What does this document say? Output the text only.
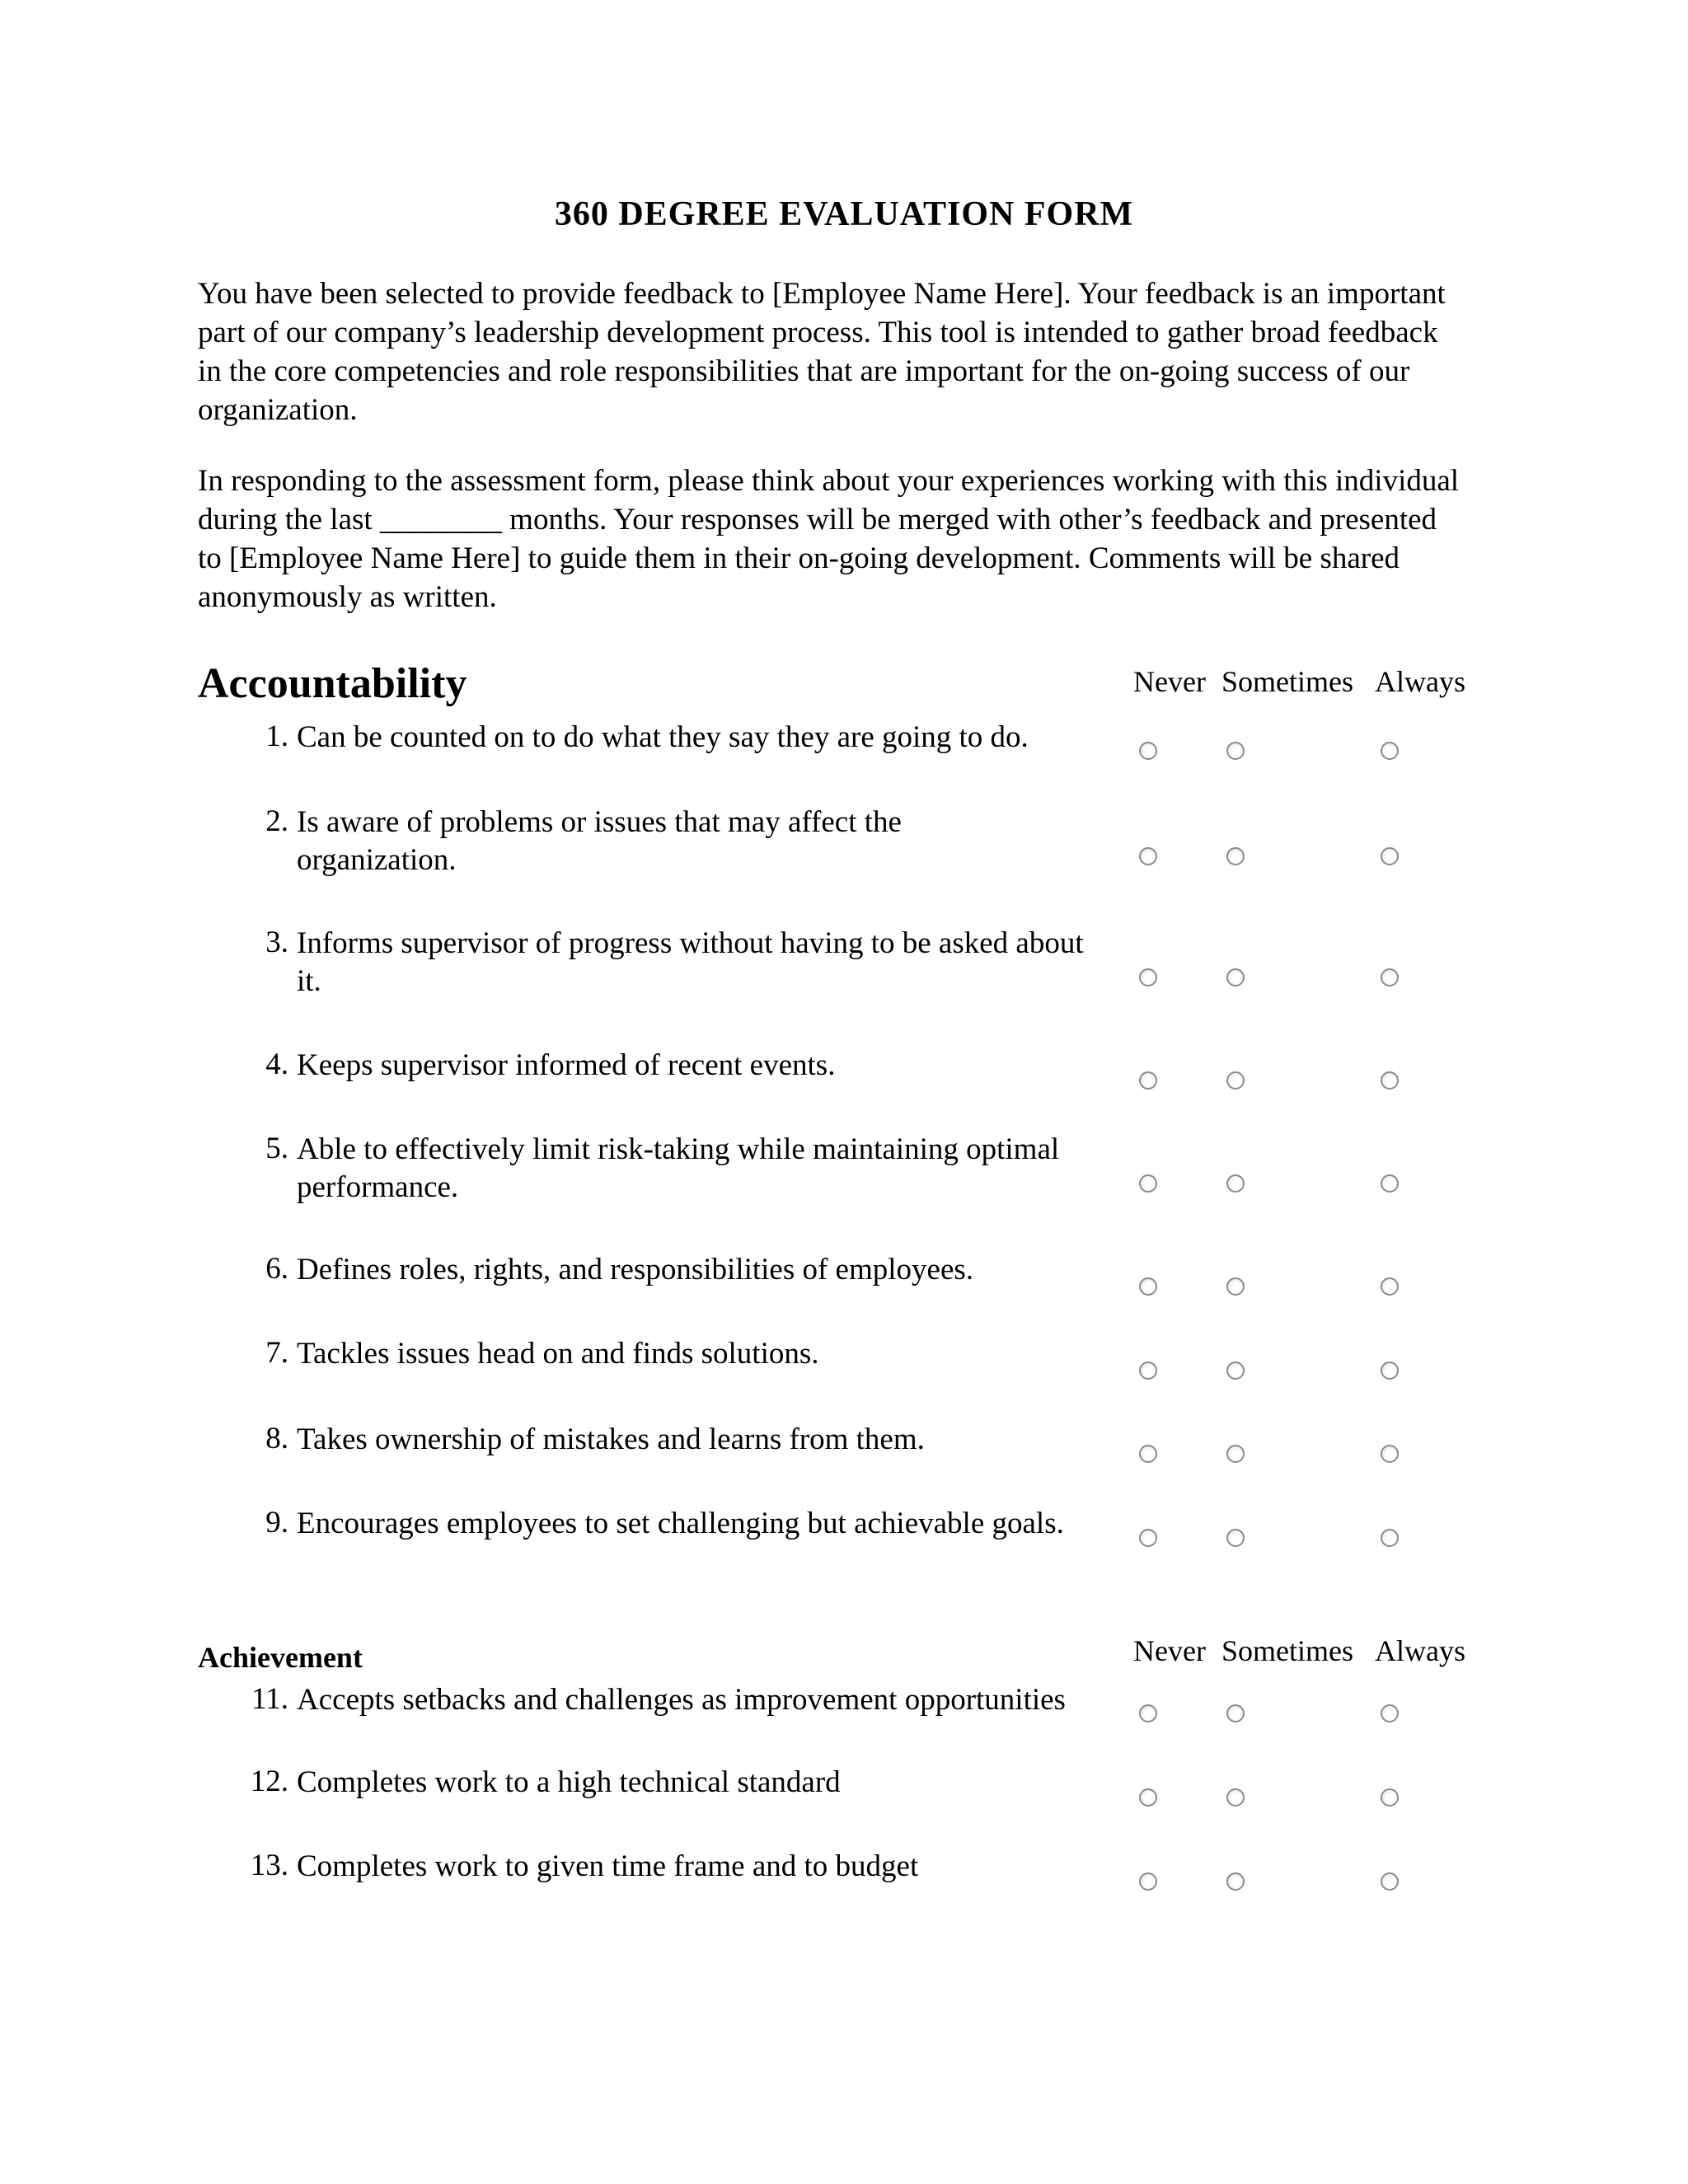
360 DEGREE EVALUATION FORM

You have been selected to provide feedback to [Employee Name Here]. Your feedback is an important part of our company’s leadership development process. This tool is intended to gather broad feedback in the core competencies and role responsibilities that are important for the on-going success of our organization.

In responding to the assessment form, please think about your experiences working with this individual during the last ________ months. Your responses will be merged with other’s feedback and presented to [Employee Name Here] to guide them in their on-going development. Comments will be shared anonymously as written.

Accountability	Never Sometimes Always
1. Can be counted on to do what they say they are going to do.
2. Is aware of problems or issues that may affect the organization.
3. Informs supervisor of progress without having to be asked about it.
4. Keeps supervisor informed of recent events.
5. Able to effectively limit risk-taking while maintaining optimal performance.
6. Defines roles, rights, and responsibilities of employees.
7. Tackles issues head on and finds solutions.
8. Takes ownership of mistakes and learns from them.
9. Encourages employees to set challenging but achievable goals.
Achievement	Never Sometimes Always
11. Accepts setbacks and challenges as improvement opportunities
12. Completes work to a high technical standard
13. Completes work to given time frame and to budget
